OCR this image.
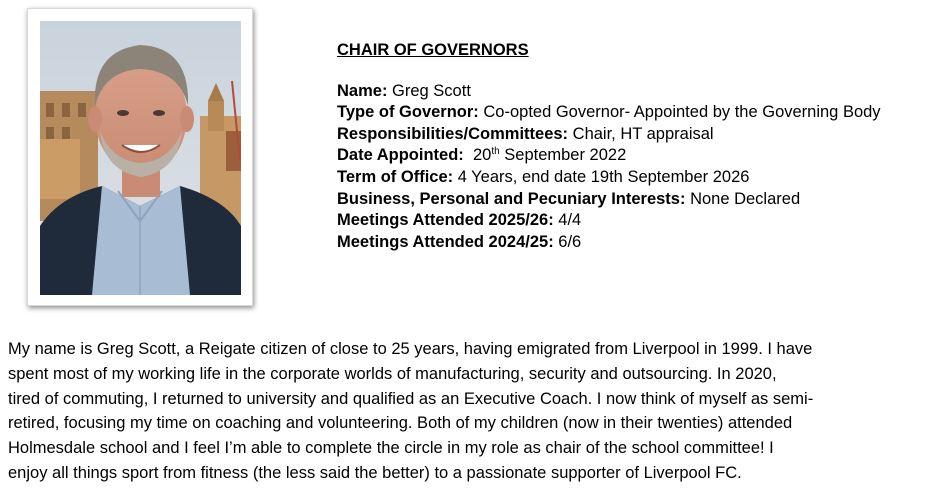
CHAIR OF GOVERNORS
Name: Greg Scott
Type of Governor: Co-opted Governor- Appointed by the Governing Body
Responsibilities/Committees: Chair, HT appraisal
Date Appointed: 20th September 2022
Term of Office: 4 Years, end date 19th September 2026
Business, Personal and Pecuniary Interests: None Declared
Meetings Attended 2025/26: 4/4
Meetings Attended 2024/25: 6/6
My name is Greg Scott, a Reigate citizen of close to 25 years, having emigrated from Liverpool in 1999. I have
spent most of my working life in the corporate worlds of manufacturing, security and outsourcing. In 2020,
tired of commuting, I returned to university and qualified as an Executive Coach. I now think of myself as semi-
retired, focusing my time on coaching and volunteering. Both of my children (now in their twenties) attended
Holmesdale school and I feel I’m able to complete the circle in my role as chair of the school committee! I
enjoy all things sport from fitness (the less said the better) to a passionate supporter of Liverpool FC.
